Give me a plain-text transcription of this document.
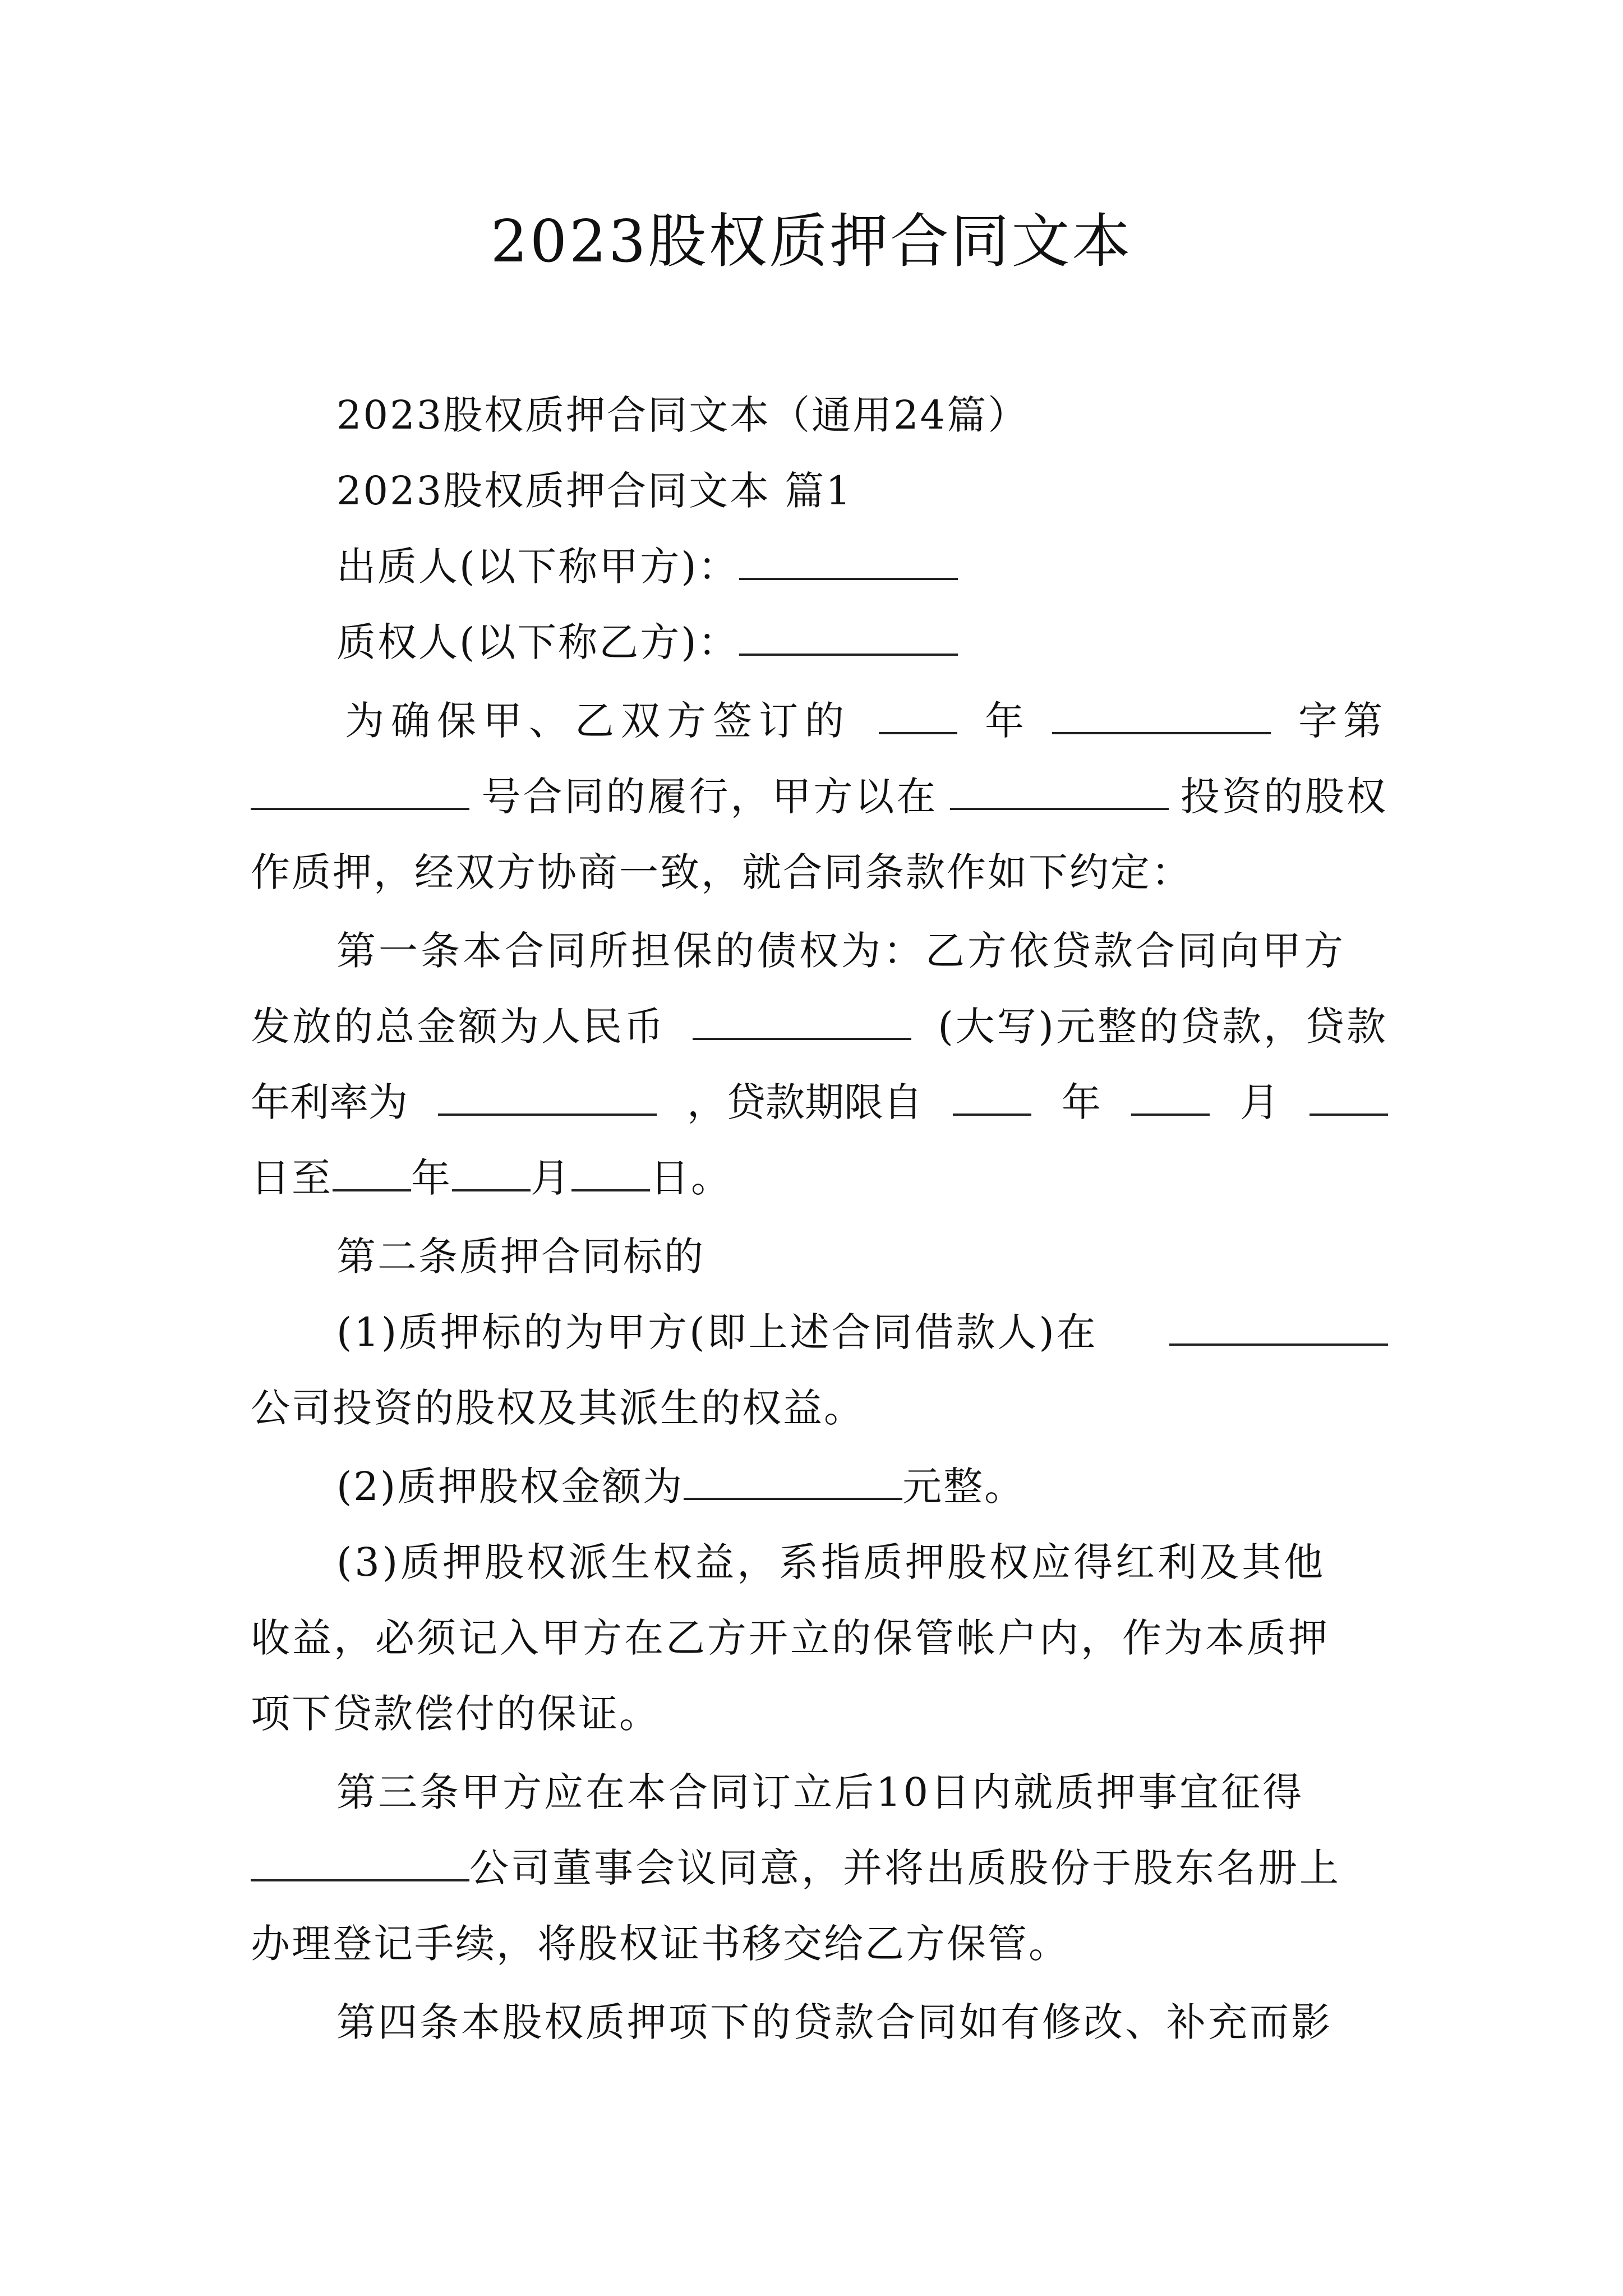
2023股权质押合同文本
2023股权质押合同文本（通用24篇）
2023股权质押合同文本 篇1
出质人(以下称甲方)：
质权人(以下称乙方)：
为确保甲、乙双方签订的	年	字第
号合同的履行，甲方以在	投资的股权
作质押，经双方协商一致，就合同条款作如下约定：
第一条本合同所担保的债权为：乙方依贷款合同向甲方
发放的总金额为人民币	(大写)元整的贷款，贷款
年利率为	，贷款期限自	年	月
日至 年 月 日。
第二条质押合同标的
(1)质押标的为甲方(即上述合同借款人)在
公司投资的股权及其派生的权益。
(2)质押股权金额为	元整。
(3)质押股权派生权益，系指质押股权应得红利及其他
收益，必须记入甲方在乙方开立的保管帐户内，作为本质押
项下贷款偿付的保证。
第三条甲方应在本合同订立后10日内就质押事宜征得
公司董事会议同意，并将出质股份于股东名册上
办理登记手续，将股权证书移交给乙方保管。
第四条本股权质押项下的贷款合同如有修改、补充而影
